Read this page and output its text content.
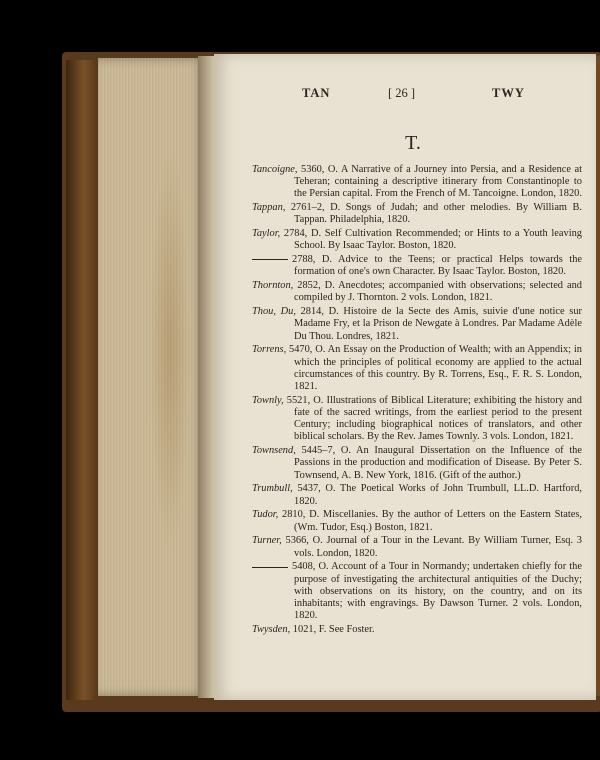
TAN	[ 26 ]	TWY
T.

Tancoigne, 5360, O. A Narrative of a Journey into Persia, and a Residence at Teheran; containing a descriptive itinerary from Constantinople to the Persian capital. From the French of M. Tancoigne. London, 1820.

Tappan, 2761–2, D. Songs of Judah; and other melodies. By William B. Tappan. Philadelphia, 1820.

Taylor, 2784, D. Self Cultivation Recommended; or Hints to a Youth leaving School. By Isaac Taylor. Boston, 1820.

2788, D. Advice to the Teens; or practical Helps towards the formation of one's own Character. By Isaac Taylor. Boston, 1820.

Thornton, 2852, D. Anecdotes; accompanied with observations; selected and compiled by J. Thornton. 2 vols. London, 1821.

Thou, Du, 2814, D. Histoire de la Secte des Amis, suivie d'une notice sur Madame Fry, et la Prison de Newgate à Londres. Par Madame Adèle Du Thou. Londres, 1821.

Torrens, 5470, O. An Essay on the Production of Wealth; with an Appendix; in which the principles of political economy are applied to the actual circumstances of this country. By R. Torrens, Esq., F. R. S. London, 1821.

Townly, 5521, O. Illustrations of Biblical Literature; exhibiting the history and fate of the sacred writings, from the earliest period to the present Century; including biographical notices of translators, and other biblical scholars. By the Rev. James Townly. 3 vols. London, 1821.

Townsend, 5445–7, O. An Inaugural Dissertation on the Influence of the Passions in the production and modification of Disease. By Peter S. Townsend, A. B. New York, 1816. (Gift of the author.)

Trumbull, 5437, O. The Poetical Works of John Trumbull, LL.D. Hartford, 1820.

Tudor, 2810, D. Miscellanies. By the author of Letters on the Eastern States, (Wm. Tudor, Esq.) Boston, 1821.

Turner, 5366, O. Journal of a Tour in the Levant. By William Turner, Esq. 3 vols. London, 1820.

5408, O. Account of a Tour in Normandy; undertaken chiefly for the purpose of investigating the architectural antiquities of the Duchy; with observations on its history, on the country, and on its inhabitants; with engravings. By Dawson Turner. 2 vols. London, 1820.

Twysden, 1021, F. See Foster.
